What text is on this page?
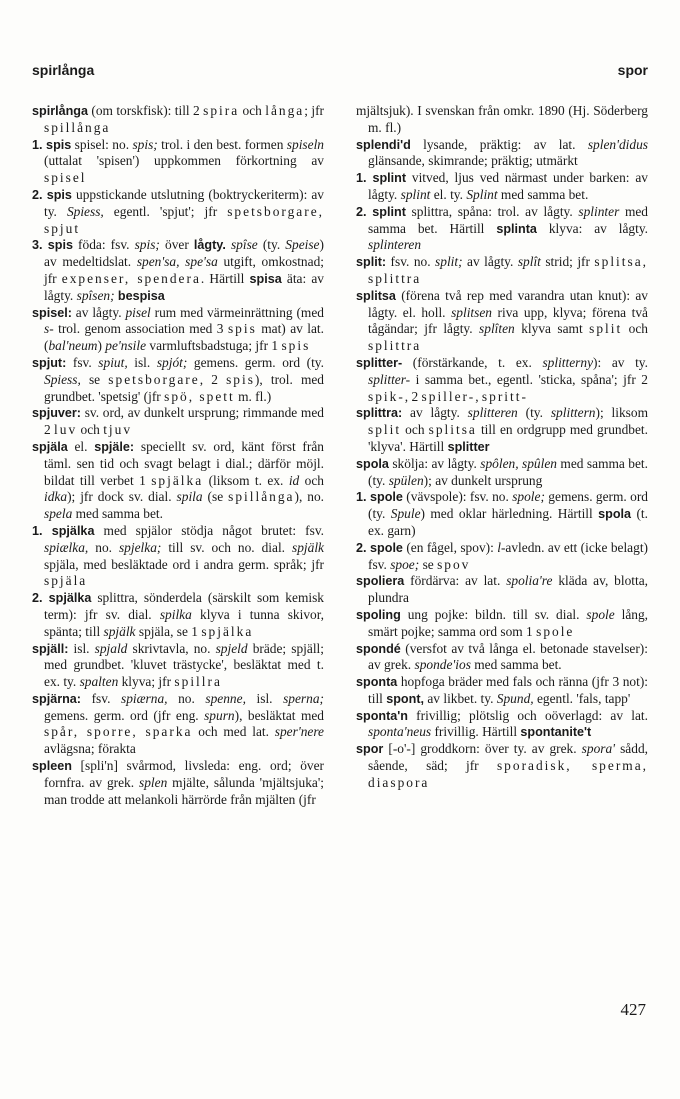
spirlånga	spor

spirlånga (om torskfisk): till 2 spira och långa; jfr spillånga

1. spis spisel: no. spis; trol. i den best. formen spiseln (uttalat 'spisen') uppkommen förkortning av spisel

2. spis uppstickande utslutning (boktryckeriterm): av ty. Spiess, egentl. 'spjut'; jfr spetsborgare, spjut

3. spis föda: fsv. spis; över lågty. spîse (ty. Speise) av medeltidslat. spen'sa, spe'sa utgift, omkostnad; jfr expenser, spendera. Härtill spisa äta: av lågty. spîsen; bespisa

spisel: av lågty. pisel rum med värmeinrättning (med s- trol. genom association med 3 spis mat) av lat. (bal'neum) pe'nsile varmluftsbadstuga; jfr 1 spis

spjut: fsv. spiut, isl. spjót; gemens. germ. ord (ty. Spiess, se spetsborgare, 2 spis), trol. med grundbet. 'spetsig' (jfr spö, spett m. fl.)

spjuver: sv. ord, av dunkelt ursprung; rimmande med 2 luv och tjuv

spjäla el. spjäle: speciellt sv. ord, känt först från täml. sen tid och svagt belagt i dial.; därför möjl. bildat till verbet 1 spjälka (liksom t. ex. id och idka); jfr dock sv. dial. spila (se spillånga), no. spela med samma bet.

1. spjälka med spjälor stödja något brutet: fsv. spiælka, no. spjelka; till sv. och no. dial. spjälk spjäla, med besläktade ord i andra germ. språk; jfr spjäla

2. spjälka splittra, sönderdela (särskilt som kemisk term): jfr sv. dial. spilka klyva i tunna skivor, spänta; till spjälk spjäla, se 1 spjälka

spjäll: isl. spjald skrivtavla, no. spjeld bräde; spjäll; med grundbet. 'kluvet trästycke', besläktat med t. ex. ty. spalten klyva; jfr spillra

spjärna: fsv. spiærna, no. spenne, isl. sperna; gemens. germ. ord (jfr eng. spurn), besläktat med spår, sporre, sparka och med lat. sper'nere avlägsna; förakta

spleen [spli'n] svårmod, livsleda: eng. ord; över fornfra. av grek. splen mjälte, sålunda 'mjältsjuka'; man trodde att melankoli härrörde från mjälten (jfr

mjältsjuk). I svenskan från omkr. 1890 (Hj. Söderberg m. fl.)

splendi'd lysande, präktig: av lat. splen'didus glänsande, skimrande; präktig; utmärkt

1. splint vitved, ljus ved närmast under barken: av lågty. splint el. ty. Splint med samma bet.

2. splint splittra, spåna: trol. av lågty. splinter med samma bet. Härtill splinta klyva: av lågty. splinteren

split: fsv. no. split; av lågty. splît strid; jfr splitsa, splittra

splitsa (förena två rep med varandra utan knut): av lågty. el. holl. splitsen riva upp, klyva; förena två tågändar; jfr lågty. splîten klyva samt split och splittra

splitter- (förstärkande, t. ex. splitterny): av ty. splitter- i samma bet., egentl. 'sticka, spåna'; jfr 2 spik-, 2 spiller-, spritt-

splittra: av lågty. splitteren (ty. splittern); liksom split och splitsa till en ordgrupp med grundbet. 'klyva'. Härtill splitter

spola skölja: av lågty. spôlen, spûlen med samma bet. (ty. spülen); av dunkelt ursprung

1. spole (vävspole): fsv. no. spole; gemens. germ. ord (ty. Spule) med oklar härledning. Härtill spola (t. ex. garn)

2. spole (en fågel, spov): l-avledn. av ett (icke belagt) fsv. spoe; se spov

spoliera fördärva: av lat. spolia're kläda av, blotta, plundra

spoling ung pojke: bildn. till sv. dial. spole lång, smärt pojke; samma ord som 1 spole

spondé (versfot av två långa el. betonade stavelser): av grek. sponde'ios med samma bet.

sponta hopfoga bräder med fals och ränna (jfr 3 not): till spont, av likbet. ty. Spund, egentl. 'fals, tapp'

sponta'n frivillig; plötslig och oöverlagd: av lat. sponta'neus frivillig. Härtill spontanite't

spor [-o'-] groddkorn: över ty. av grek. spora' sådd, sående, säd; jfr sporadisk, sperma, diaspora

427
